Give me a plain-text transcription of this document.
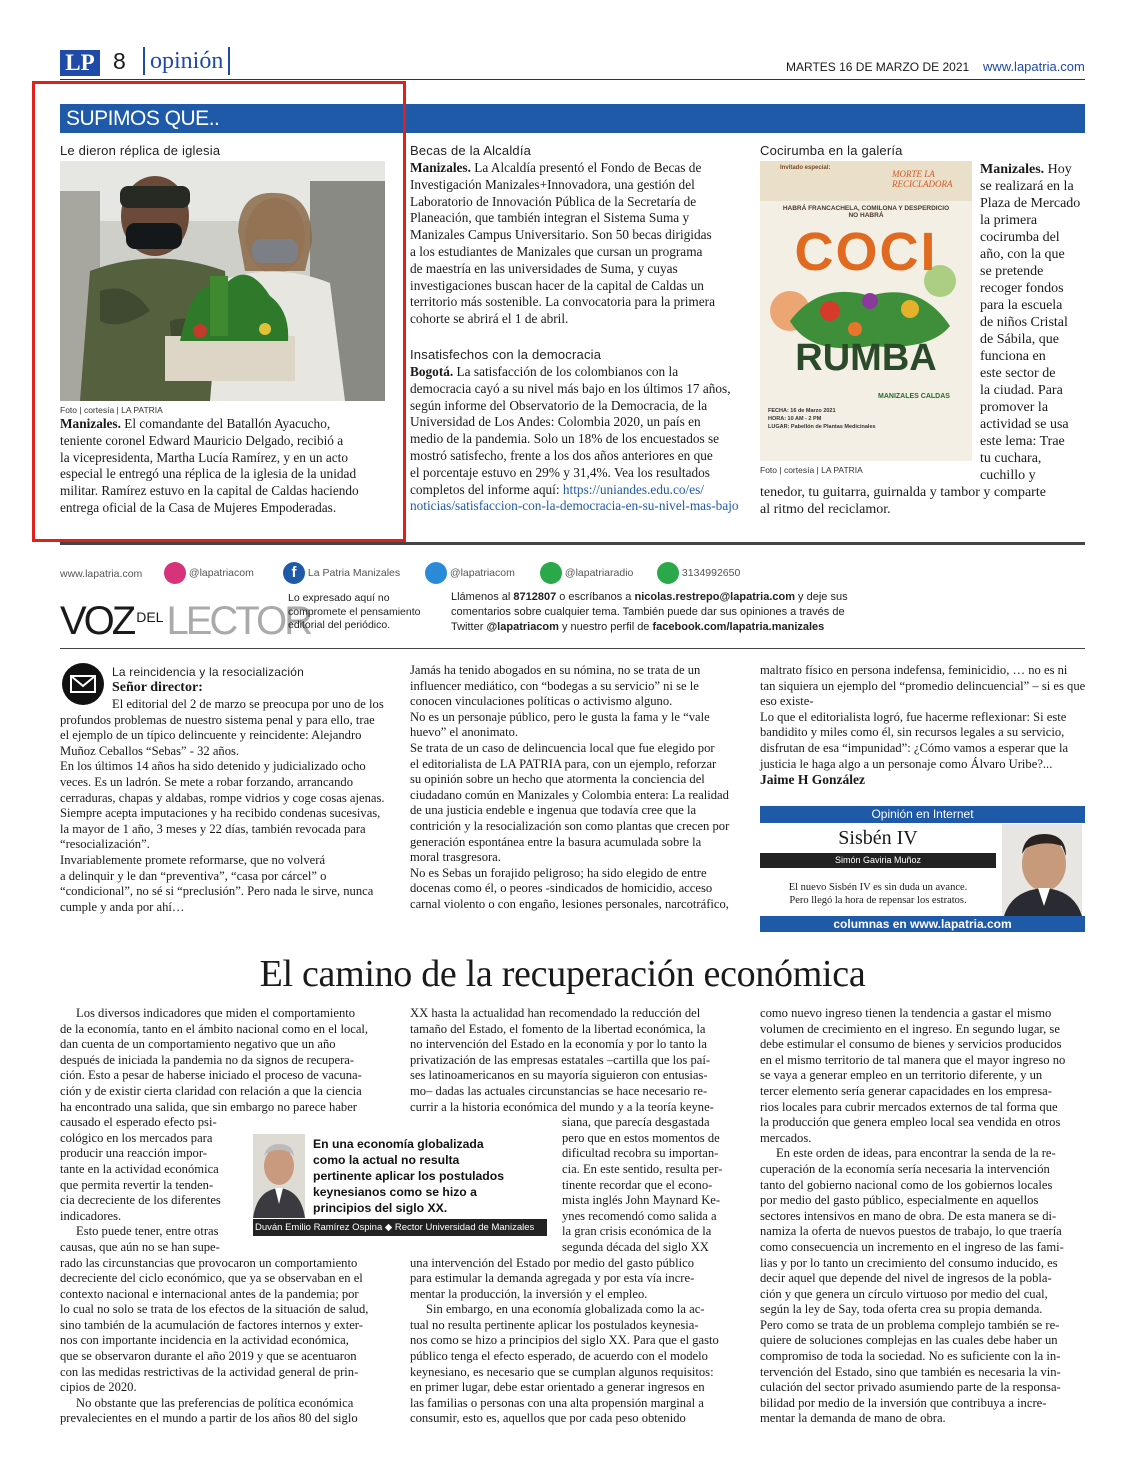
LP 8 opinión	MARTES 16 DE MARZO DE 2021 www.lapatria.com
SUPIMOS QUE..
Le dieron réplica de iglesia
Foto | cortesía | LA PATRIA
Manizales. El comandante del Batallón Ayacucho,
teniente coronel Edward Mauricio Delgado, recibió a
la vicepresidenta, Martha Lucía Ramírez, y en un acto
especial le entregó una réplica de la iglesia de la unidad
militar. Ramírez estuvo en la capital de Caldas haciendo
entrega oficial de la Casa de Mujeres Empoderadas.
Becas de la Alcaldía
Manizales. La Alcaldía presentó el Fondo de Becas de
Investigación Manizales+Innovadora, una gestión del
Laboratorio de Innovación Pública de la Secretaría de
Planeación, que también integran el Sistema Suma y
Manizales Campus Universitario. Son 50 becas dirigidas
a los estudiantes de Manizales que cursan un programa
de maestría en las universidades de Suma, y cuyas
investigaciones buscan hacer de la capital de Caldas un
territorio más sostenible. La convocatoria para la primera
cohorte se abrirá el 1 de abril.
Insatisfechos con la democracia
Bogotá. La satisfacción de los colombianos con la
democracia cayó a su nivel más bajo en los últimos 17 años,
según informe del Observatorio de la Democracia, de la
Universidad de Los Andes: Colombia 2020, un país en
medio de la pandemia. Solo un 18% de los encuestados se
mostró satisfecho, frente a los dos años anteriores en que
el porcentaje estuvo en 29% y 31,4%. Vea los resultados
completos del informe aquí: https://uniandes.edu.co/es/
noticias/satisfaccion-con-la-democracia-en-su-nivel-mas-bajo
Cocirumba en la galería
Invitado especial:
MORTE LA RECICLADORA
HABRÁ FRANCACHELA, COMILONA Y DESPERDICIO NO HABRÁ
COCI
RUMBA
FECHA: 16 de Marzo 2021
HORA: 10 AM - 2 PM
LUGAR: Pabellón de Plantas Medicinales
MANIZALES CALDAS
Foto | cortesía | LA PATRIA
Manizales. Hoy
se realizará en la
Plaza de Mercado
la primera
cocirumba del
año, con la que
se pretende
recoger fondos
para la escuela
de niños Cristal
de Sábila, que
funciona en
este sector de
la ciudad. Para
promover la
actividad se usa
este lema: Trae
tu cuchara,
cuchillo y
tenedor, tu guitarra, guirnalda y tambor y comparte
al ritmo del reciclamor.
www.lapatria.com	@lapatriacom	f La Patria Manizales	@lapatriacom	@lapatriaradio	3134992650
VOZ $^{DEL}$LECTOR
Lo expresado aquí no
compromete el pensamiento
editorial del periódico.
Llámenos al 8712807 o escríbanos a nicolas.restrepo@lapatria.com y deje sus
comentarios sobre cualquier tema. También puede dar sus opiniones a través de
Twitter @lapatriacom y nuestro perfil de facebook.com/lapatria.manizales
La reincidencia y la resocialización
Señor director:
El editorial del 2 de marzo se preocupa por uno de los
profundos problemas de nuestro sistema penal y para ello, trae
el ejemplo de un típico delincuente y reincidente: Alejandro
Muñoz Ceballos “Sebas” - 32 años.
En los últimos 14 años ha sido detenido y judicializado ocho
veces. Es un ladrón. Se mete a robar forzando, arrancando
cerraduras, chapas y aldabas, rompe vidrios y coge cosas ajenas.
Siempre acepta imputaciones y ha recibido condenas sucesivas,
la mayor de 1 año, 3 meses y 22 días, también revocada para
“resocialización”.
Invariablemente promete reformarse, que no volverá
a delinquir y le dan “preventiva”, “casa por cárcel” o
“condicional”, no sé si “preclusión”. Pero nada le sirve, nunca
cumple y anda por ahí…
Jamás ha tenido abogados en su nómina, no se trata de un
influencer mediático, con “bodegas a su servicio” ni se le
conocen vinculaciones políticas o activismo alguno.
No es un personaje público, pero le gusta la fama y le “vale
huevo” el anonimato.
Se trata de un caso de delincuencia local que fue elegido por
el editorialista de LA PATRIA para, con un ejemplo, reforzar
su opinión sobre un hecho que atormenta la conciencia del
ciudadano común en Manizales y Colombia entera: La realidad
de una justicia endeble e ingenua que todavía cree que la
contrición y la resocialización son como plantas que crecen por
generación espontánea entre la basura acumulada sobre la
moral trasgresora.
No es Sebas un forajido peligroso; ha sido elegido de entre
docenas como él, o peores -sindicados de homicidio, acceso
carnal violento o con engaño, lesiones personales, narcotráfico,
maltrato físico en persona indefensa, feminicidio, … no es ni
tan siquiera un ejemplo del “promedio delincuencial” – si es que
eso existe-
Lo que el editorialista logró, fue hacerme reflexionar: Si este
bandidito y miles como él, sin recursos legales a su servicio,
disfrutan de esa “impunidad”: ¿Cómo vamos a esperar que la
justicia le haga algo a un personaje como Álvaro Uribe?...
Jaime H González
Opinión en Internet
Sisbén IV
Simón Gaviria Muñoz
El nuevo Sisbén IV es sin duda un avance.
Pero llegó la hora de repensar los estratos.
columnas en www.lapatria.com
El camino de la recuperación económica
Los diversos indicadores que miden el comportamiento
de la economía, tanto en el ámbito nacional como en el local,
dan cuenta de un comportamiento negativo que un año
después de iniciada la pandemia no da signos de recupera-
ción. Esto a pesar de haberse iniciado el proceso de vacuna-
ción y de existir cierta claridad con relación a que la ciencia
ha encontrado una salida, que sin embargo no parece haber
causado el esperado efecto psi-
cológico en los mercados para
producir una reacción impor-
tante en la actividad económica
que permita revertir la tenden-
cia decreciente de los diferentes
indicadores.
Esto puede tener, entre otras
causas, que aún no se han supe-
rado las circunstancias que provocaron un comportamiento
decreciente del ciclo económico, que ya se observaban en el
contexto nacional e internacional antes de la pandemia; por
lo cual no solo se trata de los efectos de la situación de salud,
sino también de la acumulación de factores internos y exter-
nos con importante incidencia en la actividad económica,
que se observaron durante el año 2019 y que se acentuaron
con las medidas restrictivas de la actividad general de prin-
cipios de 2020.
No obstante que las preferencias de política económica
prevalecientes en el mundo a partir de los años 80 del siglo
En una economía globalizada
como la actual no resulta
pertinente aplicar los postulados
keynesianos como se hizo a
principios del siglo XX.
Duván Emilio Ramírez Ospina ◆ Rector Universidad de Manizales
XX hasta la actualidad han recomendado la reducción del
tamaño del Estado, el fomento de la libertad económica, la
no intervención del Estado en la economía y por lo tanto la
privatización de las empresas estatales –cartilla que los paí-
ses latinoamericanos en su mayoría siguieron con entusias-
mo– dadas las actuales circunstancias se hace necesario re-
currir a la historia económica del mundo y a la teoría keyne-
siana, que parecía desgastada
pero que en estos momentos de
dificultad recobra su importan-
cia. En este sentido, resulta per-
tinente recordar que el econo-
mista inglés John Maynard Ke-
ynes recomendó como salida a
la gran crisis económica de la
segunda década del siglo XX
una intervención del Estado por medio del gasto público
para estimular la demanda agregada y por esta vía incre-
mentar la producción, la inversión y el empleo.
Sin embargo, en una economía globalizada como la ac-
tual no resulta pertinente aplicar los postulados keynesia-
nos como se hizo a principios del siglo XX. Para que el gasto
público tenga el efecto esperado, de acuerdo con el modelo
keynesiano, es necesario que se cumplan algunos requisitos:
en primer lugar, debe estar orientado a generar ingresos en
las familias o personas con una alta propensión marginal a
consumir, esto es, aquellos que por cada peso obtenido
como nuevo ingreso tienen la tendencia a gastar el mismo
volumen de crecimiento en el ingreso. En segundo lugar, se
debe estimular el consumo de bienes y servicios producidos
en el mismo territorio de tal manera que el mayor ingreso no
se vaya a generar empleo en un territorio diferente, y un
tercer elemento sería generar capacidades en los empresa-
rios locales para cubrir mercados externos de tal forma que
la producción que genera empleo local sea vendida en otros
mercados.
En este orden de ideas, para encontrar la senda de la re-
cuperación de la economía sería necesaria la intervención
tanto del gobierno nacional como de los gobiernos locales
por medio del gasto público, especialmente en aquellos
sectores intensivos en mano de obra. De esta manera se di-
namiza la oferta de nuevos puestos de trabajo, lo que traería
como consecuencia un incremento en el ingreso de las fami-
lias y por lo tanto un crecimiento del consumo inducido, es
decir aquel que depende del nivel de ingresos de la pobla-
ción y que genera un círculo virtuoso por medio del cual,
según la ley de Say, toda oferta crea su propia demanda.
Pero como se trata de un problema complejo también se re-
quiere de soluciones complejas en las cuales debe haber un
compromiso de toda la sociedad. No es suficiente con la in-
tervención del Estado, sino que también es necesaria la vin-
culación del sector privado asumiendo parte de la responsa-
bilidad por medio de la inversión que contribuya a incre-
mentar la demanda de mano de obra.
